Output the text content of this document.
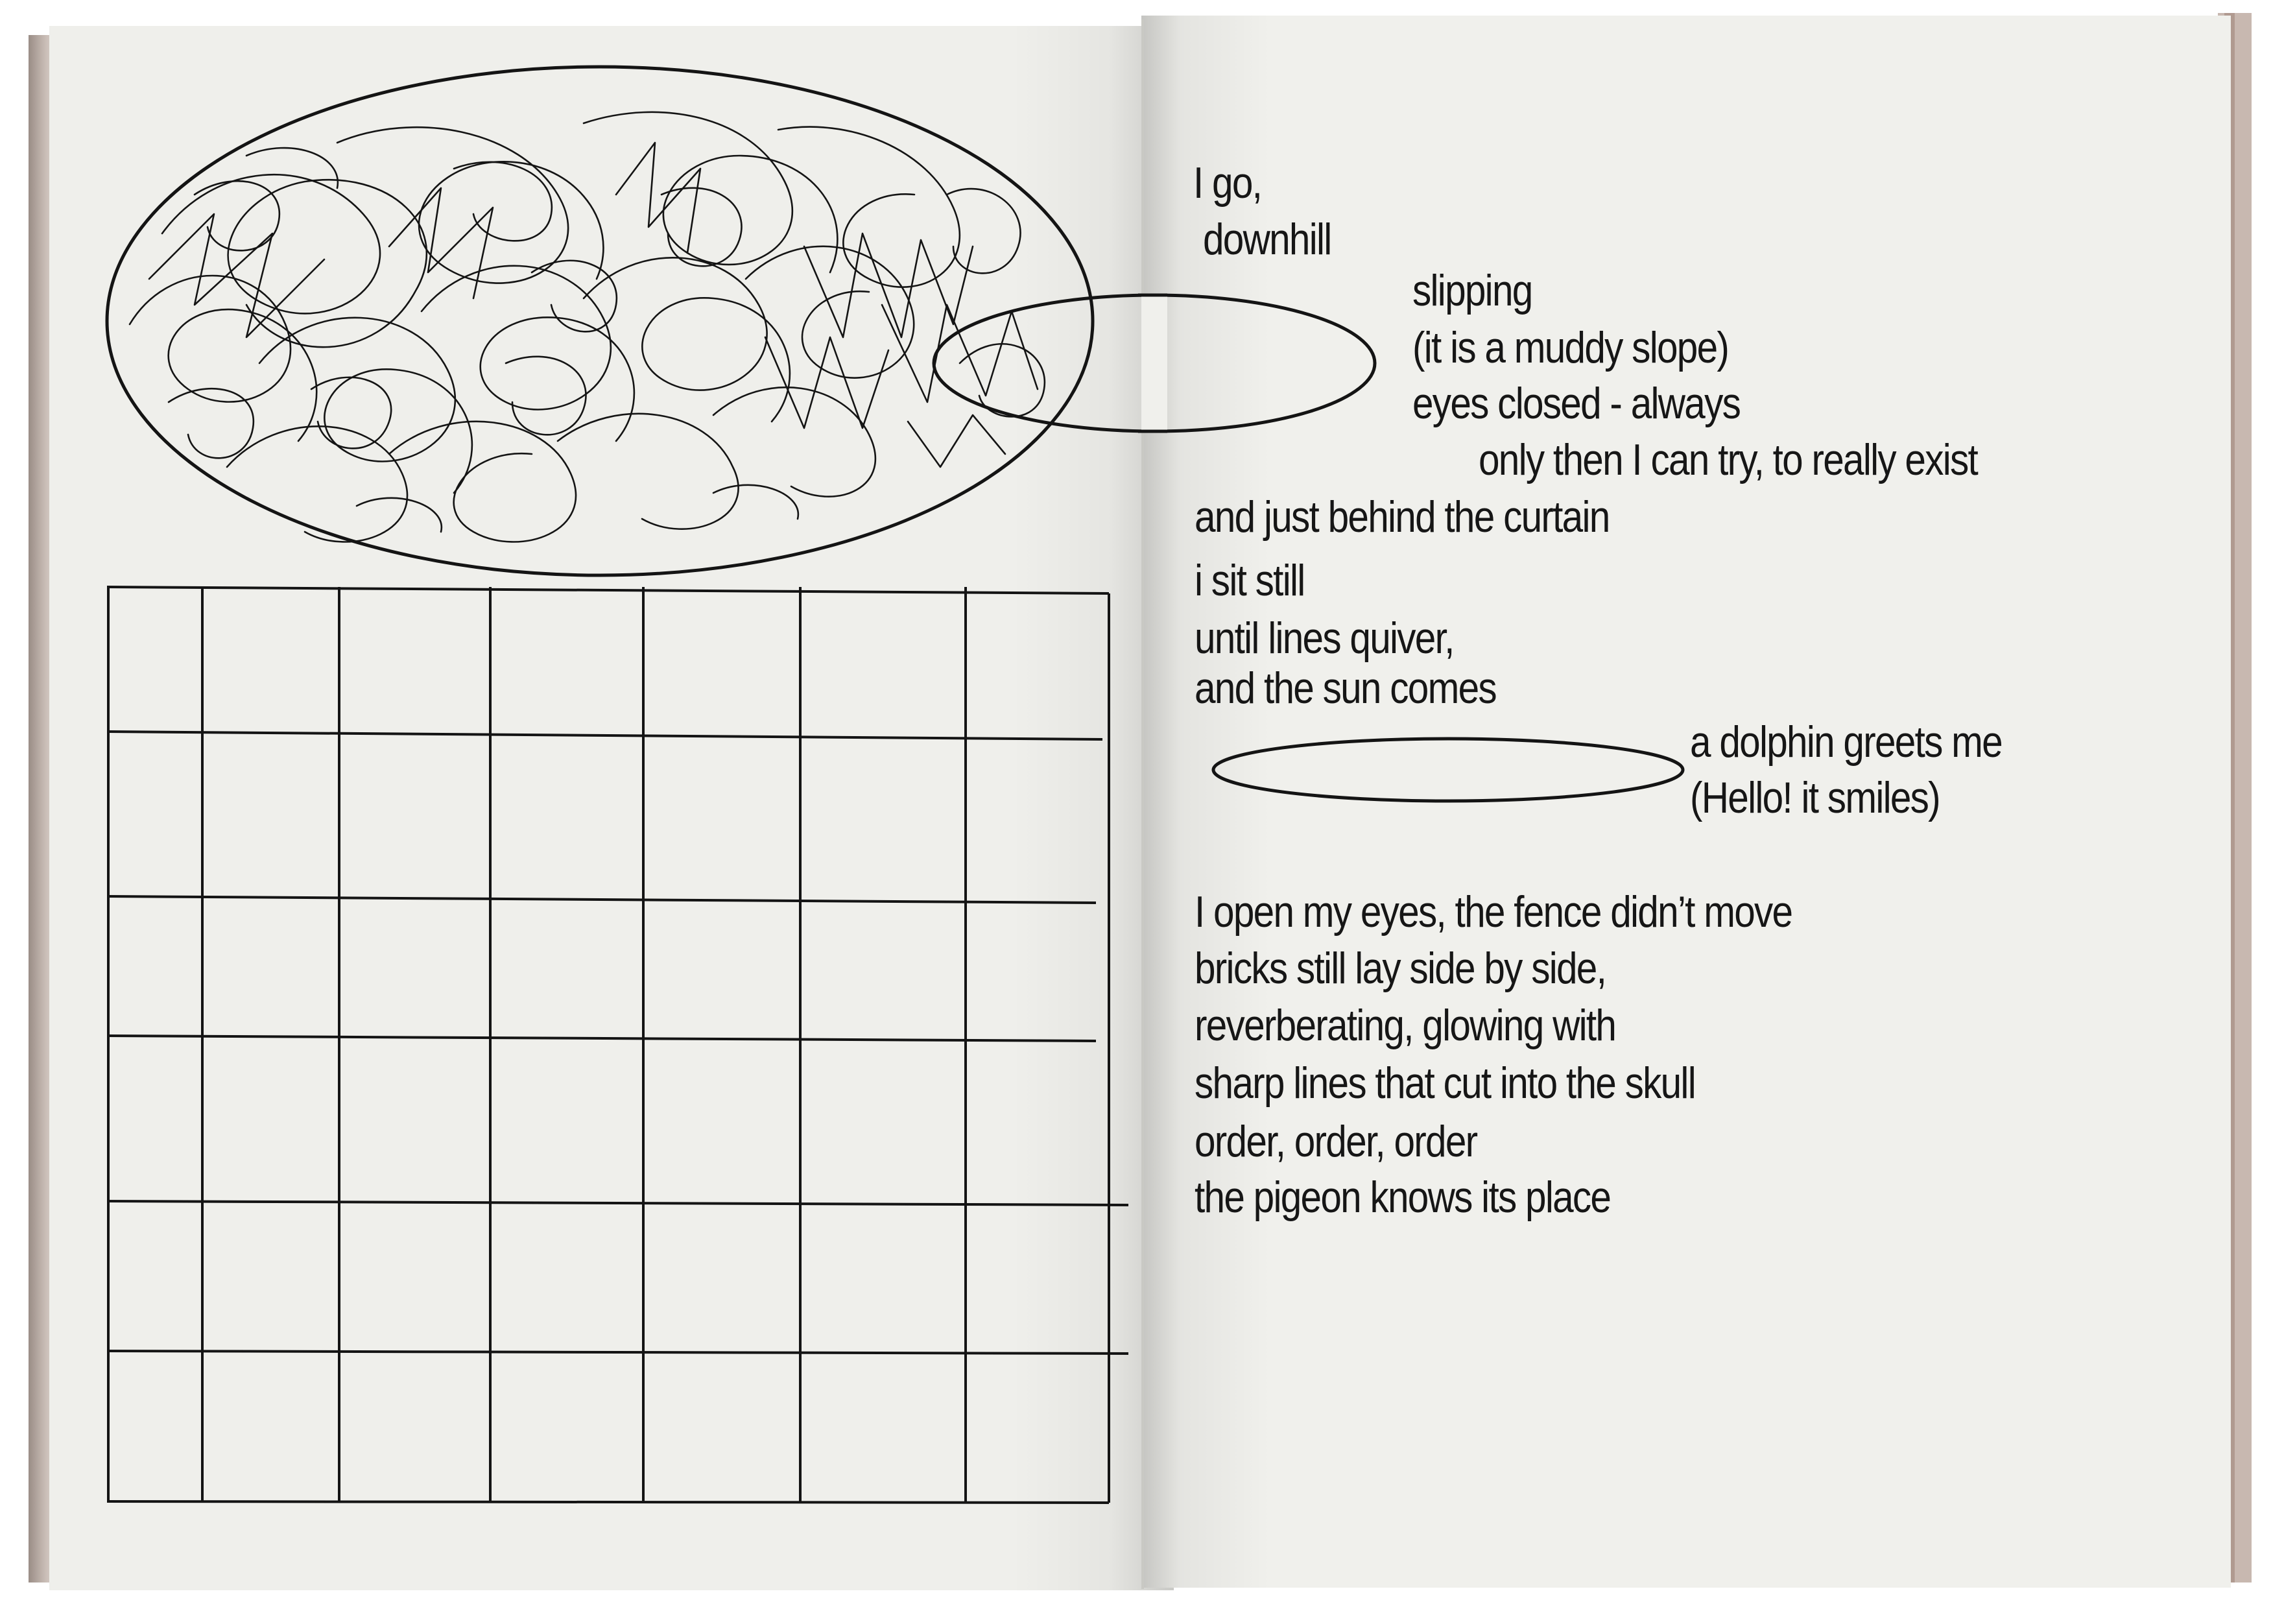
I go,
downhill
slipping
(it is a muddy slope)
eyes closed - always
only then I can try, to really exist
and just behind the curtain
i sit still
until lines quiver,
and the sun comes
a dolphin greets me
(Hello! it smiles)
I open my eyes, the fence didn’t move
bricks still lay side by side,
reverberating, glowing with
sharp lines that cut into the skull
order, order, order
the pigeon knows its place
